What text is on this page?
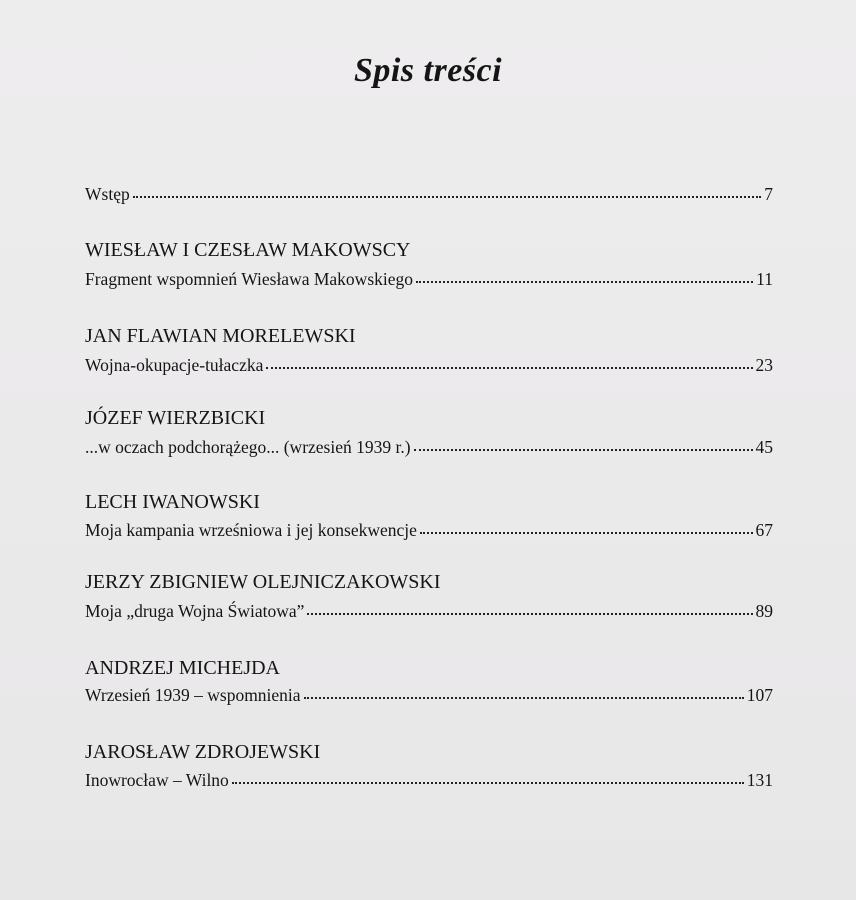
Spis treści
Wstęp	7
WIESŁAW I CZESŁAW MAKOWSCY
Fragment wspomnień Wiesława Makowskiego	11
JAN FLAWIAN MORELEWSKI
Wojna-okupacje-tułaczka	23
JÓZEF WIERZBICKI
...w oczach podchorążego... (wrzesień 1939 r.)	45
LECH IWANOWSKI
Moja kampania wrześniowa i jej konsekwencje	67
JERZY ZBIGNIEW OLEJNICZAKOWSKI
Moja „druga Wojna Światowa”	89
ANDRZEJ MICHEJDA
Wrzesień 1939 – wspomnienia	107
JAROSŁAW ZDROJEWSKI
Inowrocław – Wilno	131
